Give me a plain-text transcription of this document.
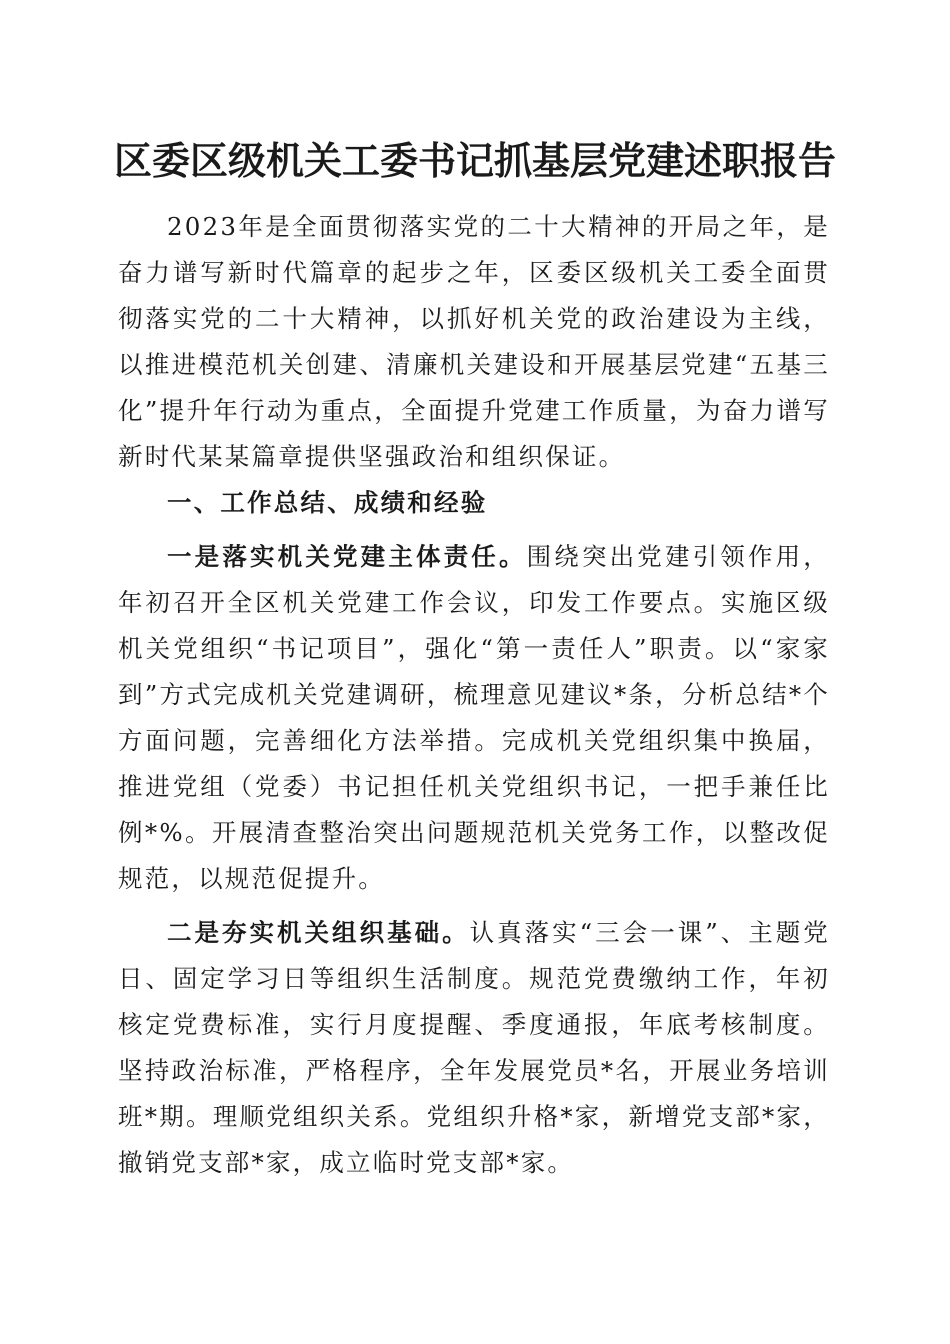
区委区级机关工委书记抓基层党建述职报告

2023年是全面贯彻落实党的二十大精神的开局之年，是奋力谱写新时代篇章的起步之年，区委区级机关工委全面贯彻落实党的二十大精神，以抓好机关党的政治建设为主线，以推进模范机关创建、清廉机关建设和开展基层党建“五基三化”提升年行动为重点，全面提升党建工作质量，为奋力谱写新时代某某篇章提供坚强政治和组织保证。

一、工作总结、成绩和经验

一是落实机关党建主体责任。围绕突出党建引领作用，年初召开全区机关党建工作会议，印发工作要点。实施区级机关党组织“书记项目”，强化“第一责任人”职责。以“家家到”方式完成机关党建调研，梳理意见建议*条，分析总结*个方面问题，完善细化方法举措。完成机关党组织集中换届，推进党组（党委）书记担任机关党组织书记，一把手兼任比例*%。开展清查整治突出问题规范机关党务工作，以整改促规范，以规范促提升。

二是夯实机关组织基础。认真落实“三会一课”、主题党日、固定学习日等组织生活制度。规范党费缴纳工作，年初核定党费标准，实行月度提醒、季度通报，年底考核制度。坚持政治标准，严格程序，全年发展党员*名，开展业务培训班*期。理顺党组织关系。党组织升格*家，新增党支部*家，撤销党支部*家，成立临时党支部*家。
